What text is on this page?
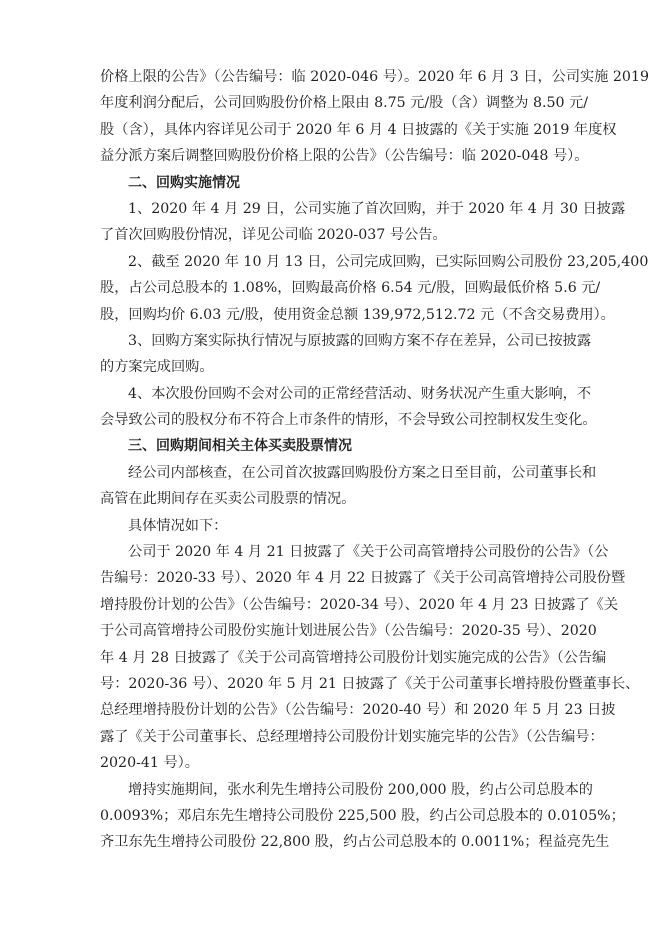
价格上限的公告》（公告编号：临 2020-046 号）。2020 年 6 月 3 日，公司实施 2019
年度利润分配后，公司回购股份价格上限由 8.75 元/股（含）调整为 8.50 元/
股（含），具体内容详见公司于 2020 年 6 月 4 日披露的《关于实施 2019 年度权
益分派方案后调整回购股份价格上限的公告》（公告编号：临 2020-048 号）。
二、回购实施情况
1、2020 年 4 月 29 日，公司实施了首次回购，并于 2020 年 4 月 30 日披露
了首次回购股份情况，详见公司临 2020-037 号公告。
2、截至 2020 年 10 月 13 日，公司完成回购，已实际回购公司股份 23,205,400
股，占公司总股本的 1.08%，回购最高价格 6.54 元/股，回购最低价格 5.6 元/
股，回购均价 6.03 元/股，使用资金总额 139,972,512.72 元（不含交易费用）。
3、回购方案实际执行情况与原披露的回购方案不存在差异，公司已按披露
的方案完成回购。
4、本次股份回购不会对公司的正常经营活动、财务状况产生重大影响，不
会导致公司的股权分布不符合上市条件的情形，不会导致公司控制权发生变化。
三、回购期间相关主体买卖股票情况
经公司内部核查，在公司首次披露回购股份方案之日至目前，公司董事长和
高管在此期间存在买卖公司股票的情况。
具体情况如下：
公司于 2020 年 4 月 21 日披露了《关于公司高管增持公司股份的公告》（公
告编号：2020-33 号）、2020 年 4 月 22 日披露了《关于公司高管增持公司股份暨
增持股份计划的公告》（公告编号：2020-34 号）、2020 年 4 月 23 日披露了《关
于公司高管增持公司股份实施计划进展公告》（公告编号：2020-35 号）、2020
年 4 月 28 日披露了《关于公司高管增持公司股份计划实施完成的公告》（公告编
号：2020-36 号）、2020 年 5 月 21 日披露了《关于公司董事长增持股份暨董事长、
总经理增持股份计划的公告》（公告编号：2020-40 号）和 2020 年 5 月 23 日披
露了《关于公司董事长、总经理增持公司股份计划实施完毕的公告》（公告编号：
2020-41 号）。
增持实施期间，张水利先生增持公司股份 200,000 股，约占公司总股本的
0.0093%；邓启东先生增持公司股份 225,500 股，约占公司总股本的 0.0105%；
齐卫东先生增持公司股份 22,800 股，约占公司总股本的 0.0011%；程益亮先生
